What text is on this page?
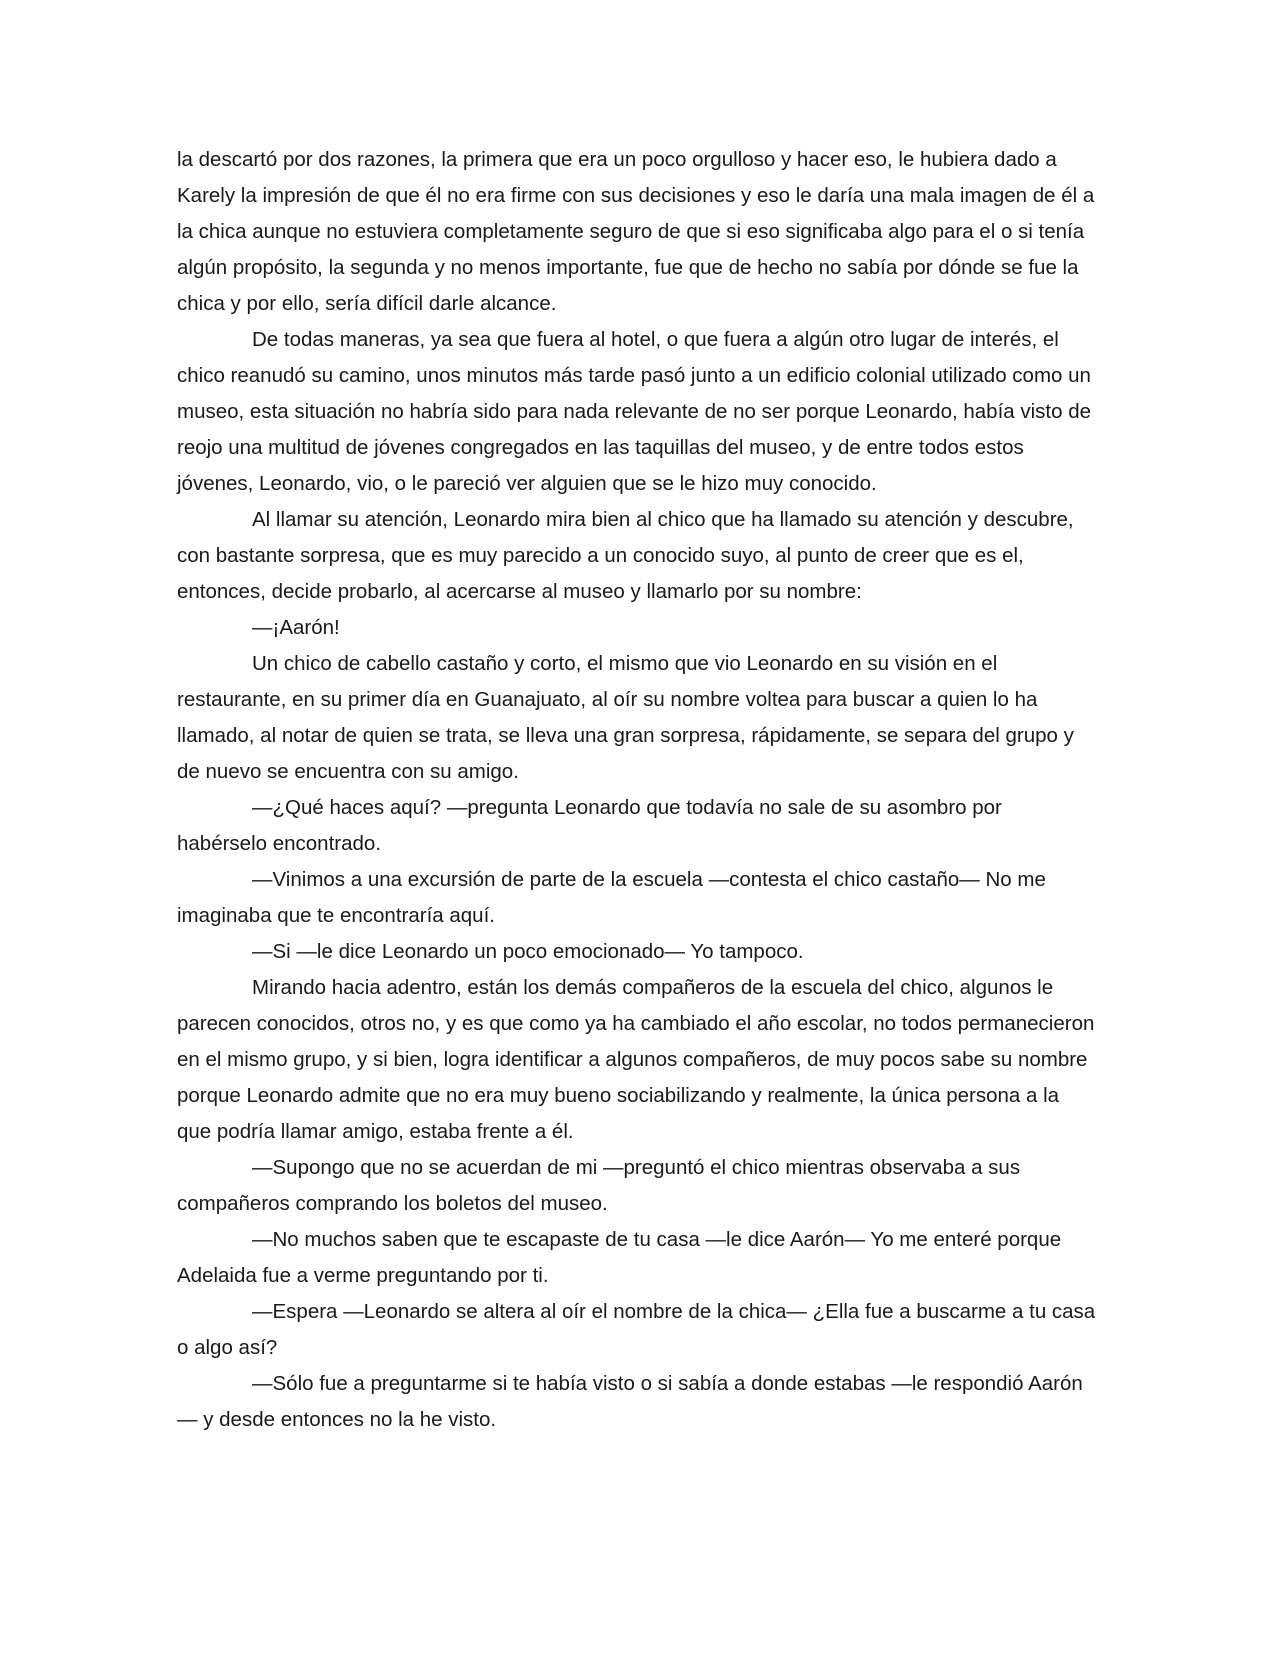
la descartó por dos razones, la primera que era un poco orgulloso y hacer eso, le hubiera dado a Karely la impresión de que él no era firme con sus decisiones y eso le daría una mala imagen de él a la chica aunque no estuviera completamente seguro de que si eso significaba algo para el o si tenía algún propósito, la segunda y no menos importante, fue que de hecho no sabía por dónde se fue la chica y por ello, sería difícil darle alcance.

De todas maneras, ya sea que fuera al hotel, o que fuera a algún otro lugar de interés, el chico reanudó su camino, unos minutos más tarde pasó junto a un edificio colonial utilizado como un museo, esta situación no habría sido para nada relevante de no ser porque Leonardo, había visto de reojo una multitud de jóvenes congregados en las taquillas del museo, y de entre todos estos jóvenes, Leonardo, vio, o le pareció ver alguien que se le hizo muy conocido.

Al llamar su atención, Leonardo mira bien al chico que ha llamado su atención y descubre, con bastante sorpresa, que es muy parecido a un conocido suyo, al punto de creer que es el, entonces, decide probarlo, al acercarse al museo y llamarlo por su nombre:

—¡Aarón!

Un chico de cabello castaño y corto, el mismo que vio Leonardo en su visión en el restaurante, en su primer día en Guanajuato, al oír su nombre voltea para buscar a quien lo ha llamado, al notar de quien se trata, se lleva una gran sorpresa, rápidamente, se separa del grupo y de nuevo se encuentra con su amigo.

—¿Qué haces aquí? —pregunta Leonardo que todavía no sale de su asombro por habérselo encontrado.

—Vinimos a una excursión de parte de la escuela —contesta el chico castaño— No me imaginaba que te encontraría aquí.

—Si —le dice Leonardo un poco emocionado— Yo tampoco.

Mirando hacia adentro, están los demás compañeros de la escuela del chico, algunos le parecen conocidos, otros no, y es que como ya ha cambiado el año escolar, no todos permanecieron en el mismo grupo, y si bien, logra identificar a algunos compañeros, de muy pocos sabe su nombre porque Leonardo admite que no era muy bueno sociabilizando y realmente, la única persona a la que podría llamar amigo, estaba frente a él.

—Supongo que no se acuerdan de mi —preguntó el chico mientras observaba a sus compañeros comprando los boletos del museo.

—No muchos saben que te escapaste de tu casa —le dice Aarón— Yo me enteré porque Adelaida fue a verme preguntando por ti.

—Espera —Leonardo se altera al oír el nombre de la chica— ¿Ella fue a buscarme a tu casa o algo así?

—Sólo fue a preguntarme si te había visto o si sabía a donde estabas —le respondió Aarón— y desde entonces no la he visto.
